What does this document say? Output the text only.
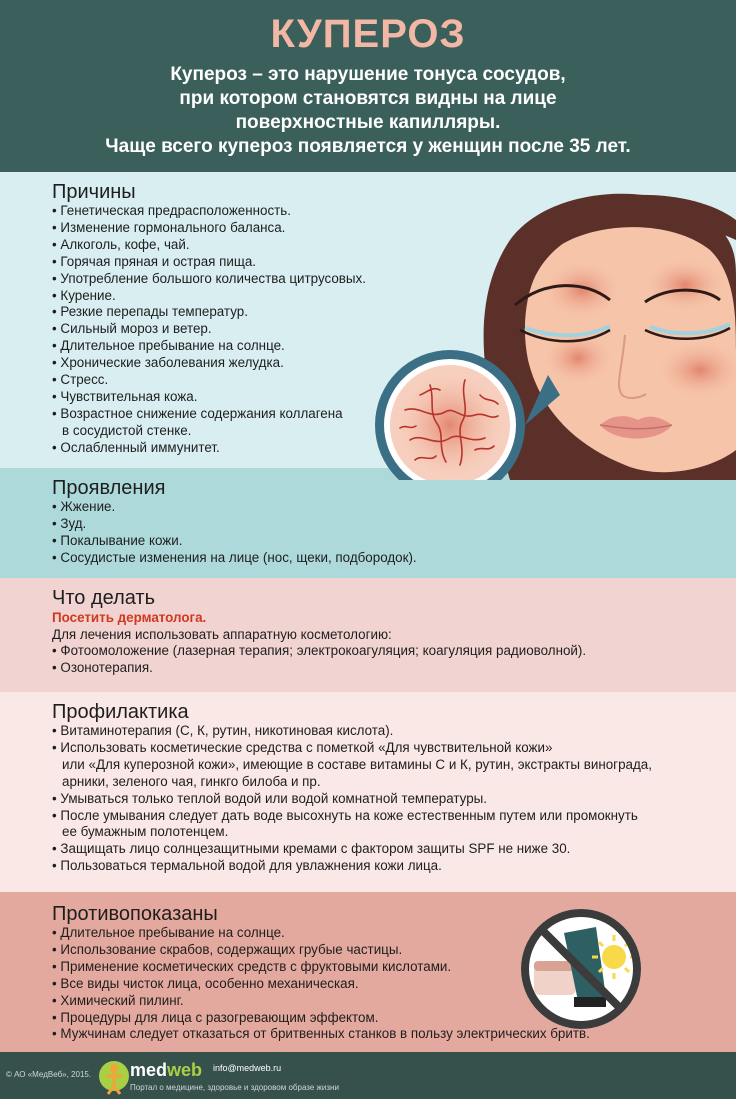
КУПЕРОЗ
Купероз – это нарушение тонуса сосудов,
при котором становятся видны на лице
поверхностные капилляры.
Чаще всего купероз появляется у женщин после 35 лет.
Причины
• Генетическая предрасположенность.
• Изменение гормонального баланса.
• Алкоголь, кофе, чай.
• Горячая пряная и острая пища.
• Употребление большого количества цитрусовых.
• Курение.
• Резкие перепады температур.
• Сильный мороз и ветер.
• Длительное пребывание на солнце.
• Хронические заболевания желудка.
• Стресс.
• Чувствительная кожа.
• Возрастное снижение содержания коллагена
в сосудистой стенке.
• Ослабленный иммунитет.
Проявления
• Жжение.
• Зуд.
• Покалывание кожи.
• Сосудистые изменения на лице (нос, щеки, подбородок).
Что делать
Посетить дерматолога.
Для лечения использовать аппаратную косметологию:
• Фотоомоложение (лазерная терапия; электрокоагуляция; коагуляция радиоволной).
• Озонотерапия.
Профилактика
• Витаминотерапия (С, К, рутин, никотиновая кислота).
• Использовать косметические средства с пометкой «Для чувствительной кожи»
или «Для куперозной кожи», имеющие в составе витамины С и К, рутин, экстракты винограда,
арники, зеленого чая, гинкго билоба и пр.
• Умываться только теплой водой или водой комнатной температуры.
• После умывания следует дать воде высохнуть на коже естественным путем или промокнуть
ее бумажным полотенцем.
• Защищать лицо солнцезащитными кремами с фактором защиты SPF не ниже 30.
• Пользоваться термальной водой для увлажнения кожи лица.
Противопоказаны
• Длительное пребывание на солнце.
• Использование скрабов, содержащих грубые частицы.
• Применение косметических средств с фруктовыми кислотами.
• Все виды чисток лица, особенно механическая.
• Химический пилинг.
• Процедуры для лица с разогревающим эффектом.
• Мужчинам следует отказаться от бритвенных станков в пользу электрических бритв.
© АО «МедВеб», 2015. medweb info@medweb.ru
Портал о медицине, здоровье и здоровом образе жизни
